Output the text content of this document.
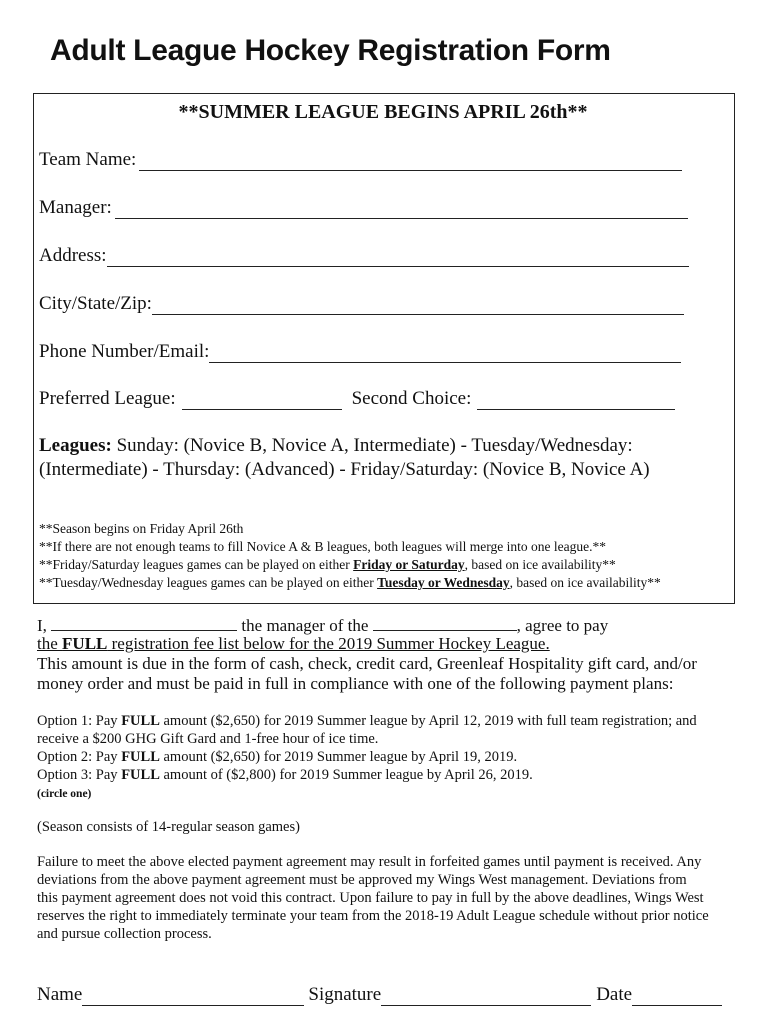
Adult League Hockey Registration Form
**SUMMER LEAGUE BEGINS APRIL 26th**
Team Name:
Manager:
Address:
City/State/Zip:
Phone Number/Email:
Preferred League:	Second Choice:
Leagues: Sunday: (Novice B, Novice A, Intermediate) - Tuesday/Wednesday: (Intermediate) - Thursday: (Advanced) - Friday/Saturday: (Novice B, Novice A)
**Season begins on Friday April 26th
**If there are not enough teams to fill Novice A & B leagues, both leagues will merge into one league.**
**Friday/Saturday leagues games can be played on either Friday or Saturday, based on ice availability**
**Tuesday/Wednesday leagues games can be played on either Tuesday or Wednesday, based on ice availability**
I,	the manager of the	, agree to pay
the FULL registration fee list below for the 2019 Summer Hockey League.
This amount is due in the form of cash, check, credit card, Greenleaf Hospitality gift card, and/or
money order and must be paid in full in compliance with one of the following payment plans:
Option 1: Pay FULL amount ($2,650) for 2019 Summer league by April 12, 2019 with full team registration; and
receive a $200 GHG Gift Gard and 1-free hour of ice time.
Option 2: Pay FULL amount ($2,650) for 2019 Summer league by April 19, 2019.
Option 3: Pay FULL amount of ($2,800) for 2019 Summer league by April 26, 2019.
(circle one)
(Season consists of 14-regular season games)
Failure to meet the above elected payment agreement may result in forfeited games until payment is received. Any
deviations from the above payment agreement must be approved my Wings West management. Deviations from
this payment agreement does not void this contract. Upon failure to pay in full by the above deadlines, Wings West
reserves the right to immediately terminate your team from the 2018-19 Adult League schedule without prior notice
and pursue collection process.
Name	Signature	Date
